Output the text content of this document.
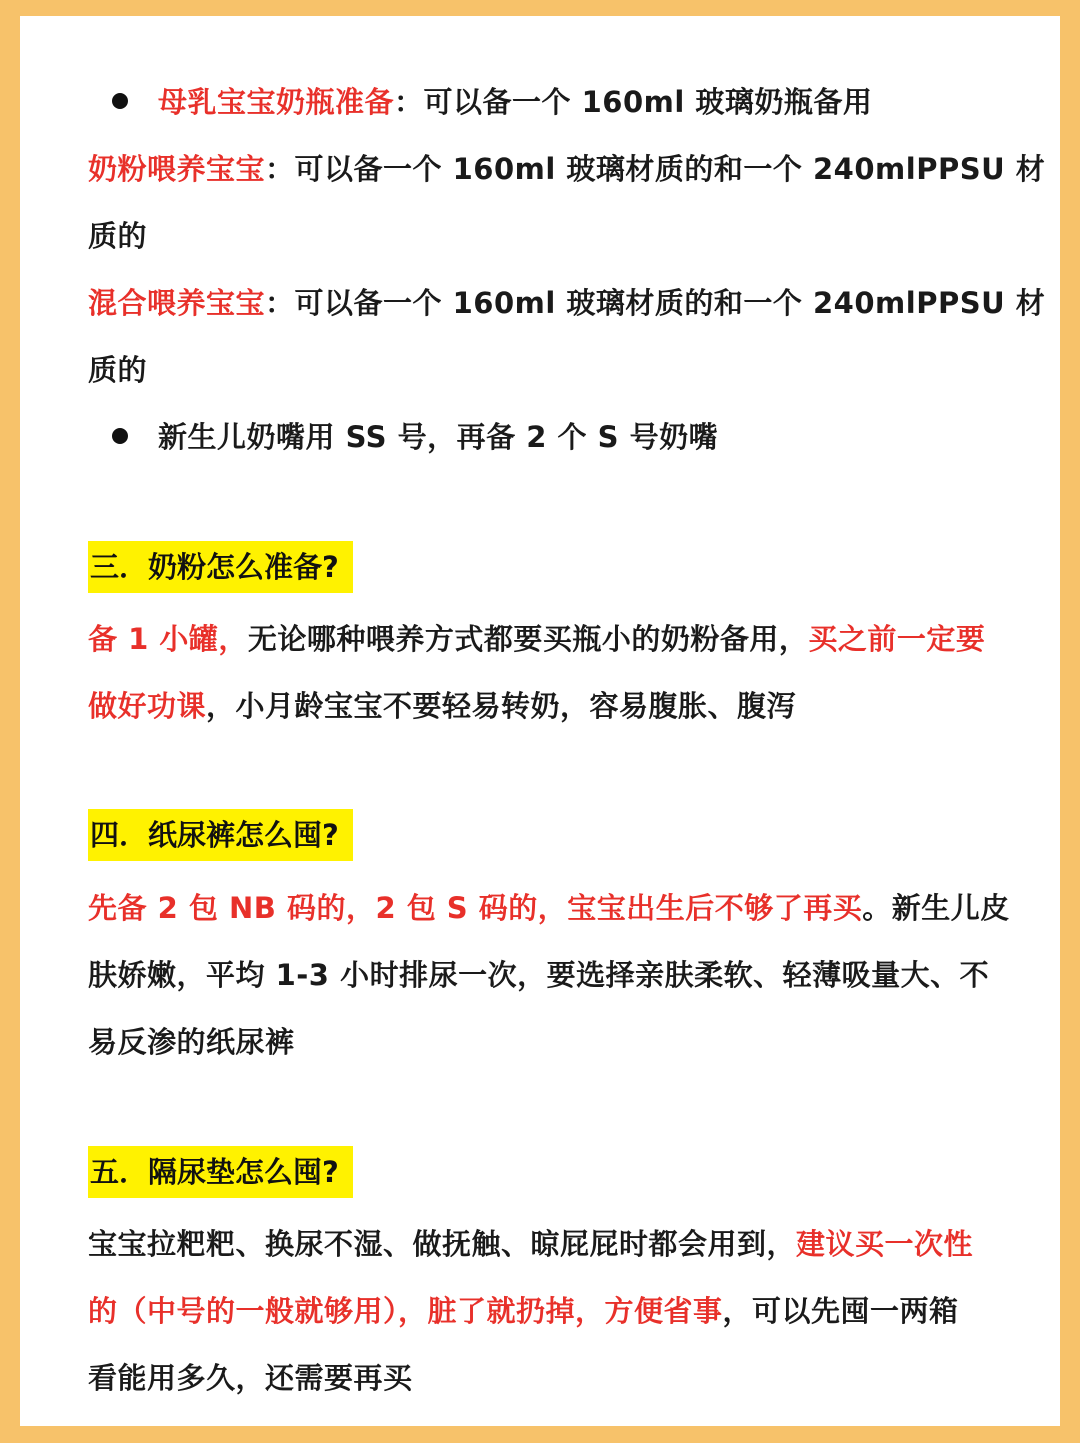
母乳宝宝奶瓶准备：可以备一个 160ml 玻璃奶瓶备用
奶粉喂养宝宝：可以备一个 160ml 玻璃材质的和一个 240mlPPSU 材
质的
混合喂养宝宝：可以备一个 160ml 玻璃材质的和一个 240mlPPSU 材
质的
新生儿奶嘴用 SS 号，再备 2 个 S 号奶嘴
三．奶粉怎么准备?
备 1 小罐，无论哪种喂养方式都要买瓶小的奶粉备用，买之前一定要
做好功课，小月龄宝宝不要轻易转奶，容易腹胀、腹泻
四．纸尿裤怎么囤?
先备 2 包 NB 码的，2 包 S 码的，宝宝出生后不够了再买。新生儿皮
肤娇嫩，平均 1-3 小时排尿一次，要选择亲肤柔软、轻薄吸量大、不
易反渗的纸尿裤
五．隔尿垫怎么囤?
宝宝拉粑粑、换尿不湿、做抚触、晾屁屁时都会用到，建议买一次性
的（中号的一般就够用），脏了就扔掉，方便省事，可以先囤一两箱
看能用多久，还需要再买
